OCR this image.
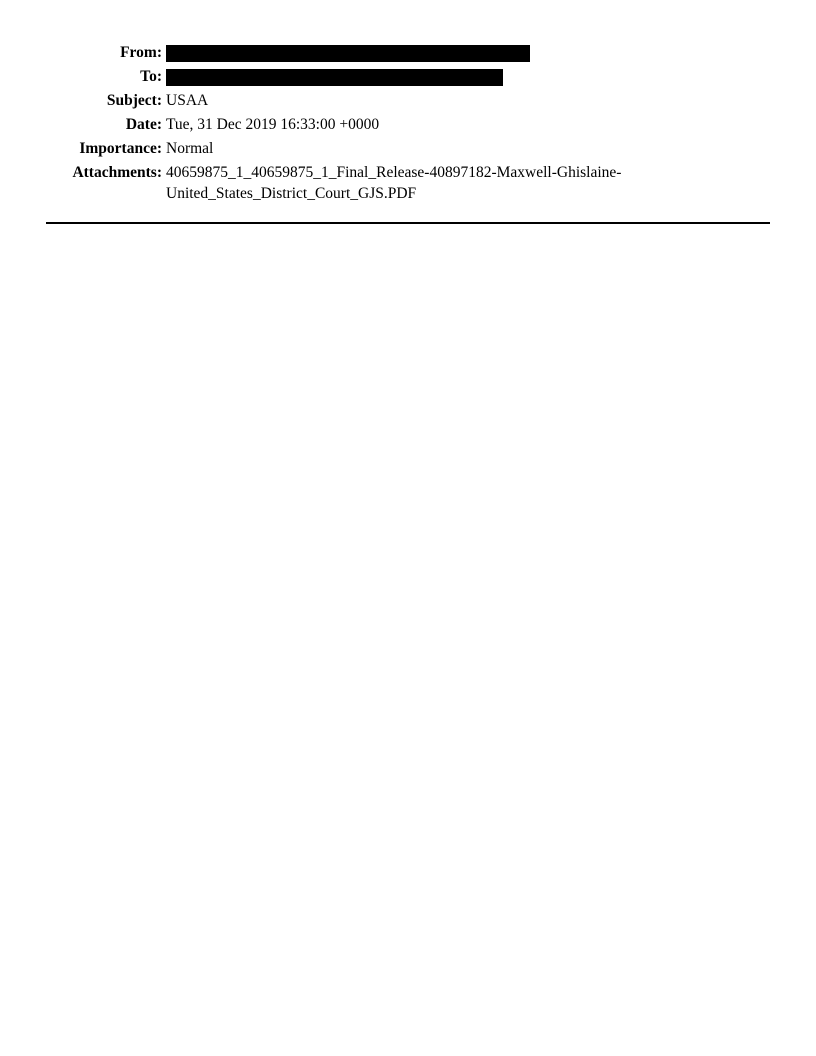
From:
To:
Subject: USAA
Date: Tue, 31 Dec 2019 16:33:00 +0000
Importance: Normal
Attachments: 40659875_1_40659875_1_Final_Release-40897182-Maxwell-Ghislaine-United_States_District_Court_GJS.PDF
